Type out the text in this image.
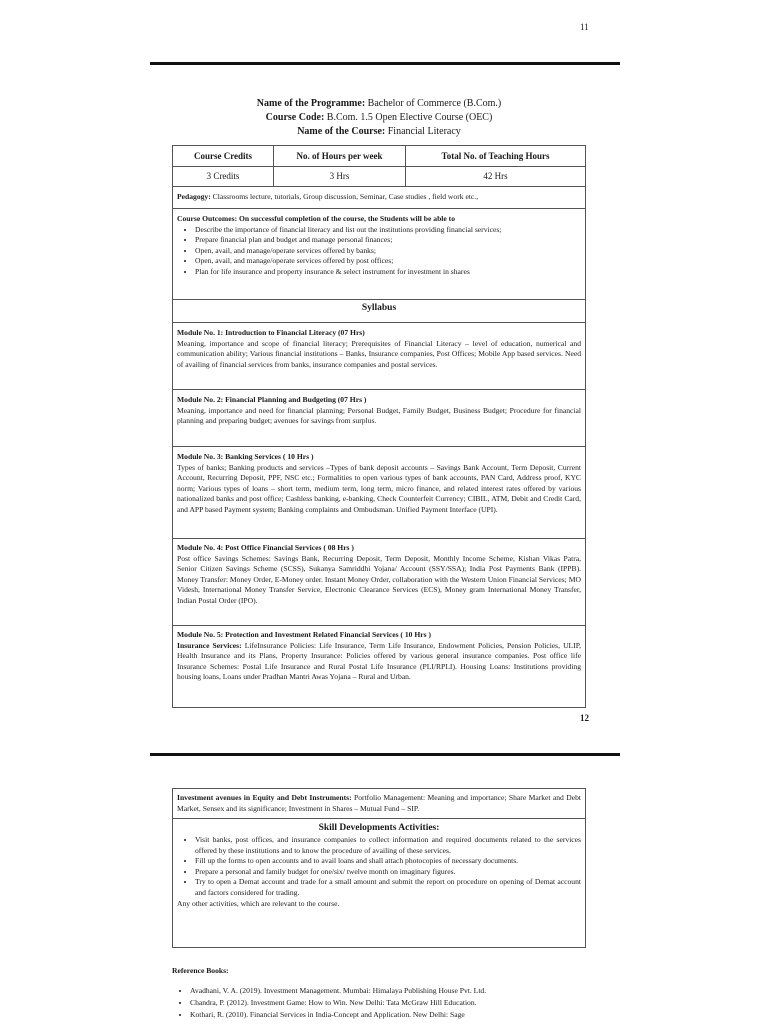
11
Name of the Programme: Bachelor of Commerce (B.Com.)
Course Code: B.Com. 1.5 Open Elective Course (OEC)
Name of the Course: Financial Literacy
Course Credits	No. of Hours per week	Total No. of Teaching Hours
3 Credits	3 Hrs	42 Hrs
Pedagogy: Classrooms lecture, tutorials, Group discussion, Seminar, Case studies , field work etc.,
Course Outcomes: On successful completion of the course, the Students will be able to
• Describe the importance of financial literacy and list out the institutions providing financial services;
• Prepare financial plan and budget and manage personal finances;
• Open, avail, and manage/operate services offered by banks;
• Open, avail, and manage/operate services offered by post offices;
• Plan for life insurance and property insurance & select instrument for investment in shares
Syllabus
Module No. 1: Introduction to Financial Literacy (07 Hrs)
Meaning, importance and scope of financial literacy; Prerequisites of Financial Literacy – level of education, numerical and communication ability; Various financial institutions – Banks, Insurance companies, Post Offices; Mobile App based services. Need of availing of financial services from banks, insurance companies and postal services.
Module No. 2: Financial Planning and Budgeting (07 Hrs )
Meaning, importance and need for financial planning; Personal Budget, Family Budget, Business Budget; Procedure for financial planning and preparing budget; avenues for savings from surplus.
Module No. 3: Banking Services ( 10 Hrs )
Types of banks; Banking products and services –Types of bank deposit accounts – Savings Bank Account, Term Deposit, Current Account, Recurring Deposit, PPF, NSC etc.; Formalities to open various types of bank accounts, PAN Card, Address proof, KYC norm; Various types of loans – short term, medium term, long term, micro finance, and related interest rates offered by various nationalized banks and post office; Cashless banking, e-banking, Check Counterfeit Currency; CIBIL, ATM, Debit and Credit Card, and APP based Payment system; Banking complaints and Ombudsman. Unified Payment Interface (UPI).
Module No. 4: Post Office Financial Services ( 08 Hrs )
Post office Savings Schemes: Savings Bank, Recurring Deposit, Term Deposit, Monthly Income Scheme, Kishan Vikas Patra, Senior Citizen Savings Scheme (SCSS), Sukanya Samriddhi Yojana/ Account (SSY/SSA); India Post Payments Bank (IPPB). Money Transfer: Money Order, E-Money order. Instant Money Order, collaboration with the Western Union Financial Services; MO Videsh, International Money Transfer Service, Electronic Clearance Services (ECS), Money gram International Money Transfer, Indian Postal Order (IPO).
Module No. 5: Protection and Investment Related Financial Services ( 10 Hrs )
Insurance Services: LifeInsurance Policies: Life Insurance, Term Life Insurance, Endowment Policies, Pension Policies, ULIP, Health Insurance and its Plans, Property Insurance: Policies offered by various general insurance companies. Post office life Insurance Schemes: Postal Life Insurance and Rural Postal Life Insurance (PLI/RPLI). Housing Loans: Institutions providing housing loans, Loans under Pradhan Mantri Awas Yojana – Rural and Urban.
12
Investment avenues in Equity and Debt Instruments: Portfolio Management: Meaning and importance; Share Market and Debt Market, Sensex and its significance; Investment in Shares – Mutual Fund – SIP.
Skill Developments Activities:
• Visit banks, post offices, and insurance companies to collect information and required documents related to the services offered by these institutions and to know the procedure of availing of these services.
• Fill up the forms to open accounts and to avail loans and shall attach photocopies of necessary documents.
• Prepare a personal and family budget for one/six/ twelve month on imaginary figures.
• Try to open a Demat account and trade for a small amount and submit the report on procedure on opening of Demat account and factors considered for trading.
Any other activities, which are relevant to the course.
Reference Books:
• Avadhani, V. A. (2019). Investment Management. Mumbai: Himalaya Publishing House Pvt. Ltd.
• Chandra, P. (2012). Investment Game: How to Win. New Delhi: Tata McGraw Hill Education.
• Kothari, R. (2010). Financial Services in India-Concept and Application. New Delhi: Sage
